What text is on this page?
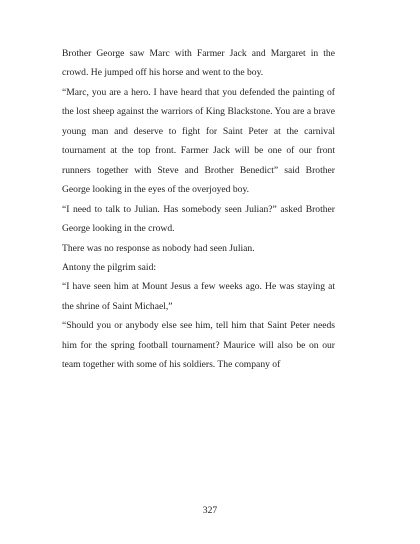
Brother George saw Marc with Farmer Jack and Margaret in the crowd. He jumped off his horse and went to the boy.

“Marc, you are a hero. I have heard that you defended the painting of the lost sheep against the warriors of King Blackstone. You are a brave young man and deserve to fight for Saint Peter at the carnival tournament at the top front. Farmer Jack will be one of our front runners together with Steve and Brother Benedict” said Brother George looking in the eyes of the overjoyed boy.

“I need to talk to Julian. Has somebody seen Julian?” asked Brother George looking in the crowd.

There was no response as nobody had seen Julian.

Antony the pilgrim said:

“I have seen him at Mount Jesus a few weeks ago. He was staying at the shrine of Saint Michael,”

“Should you or anybody else see him, tell him that Saint Peter needs him for the spring football tournament? Maurice will also be on our team together with some of his soldiers. The company of

327
